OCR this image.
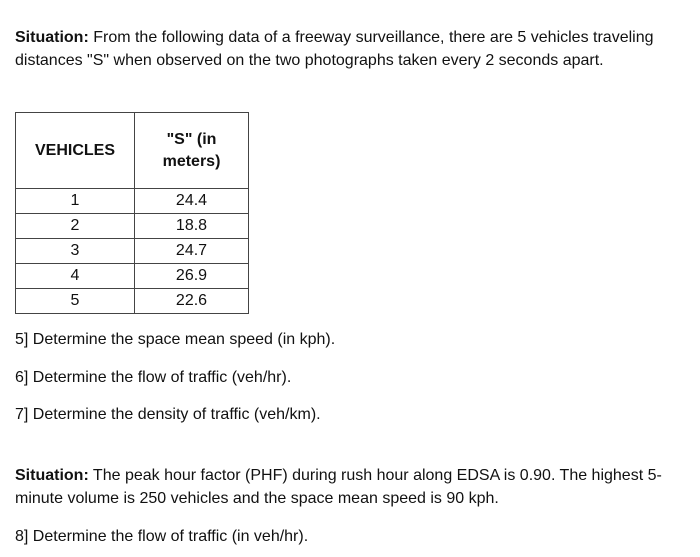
Situation: From the following data of a freeway surveillance, there are 5 vehicles traveling distances "S" when observed on the two photographs taken every 2 seconds apart.

VEHICLES	"S" (in meters)
1	24.4
2	18.8
3	24.7
4	26.9
5	22.6

5] Determine the space mean speed (in kph).

6] Determine the flow of traffic (veh/hr).

7] Determine the density of traffic (veh/km).

Situation: The peak hour factor (PHF) during rush hour along EDSA is 0.90. The highest 5-minute volume is 250 vehicles and the space mean speed is 90 kph.

8] Determine the flow of traffic (in veh/hr).
